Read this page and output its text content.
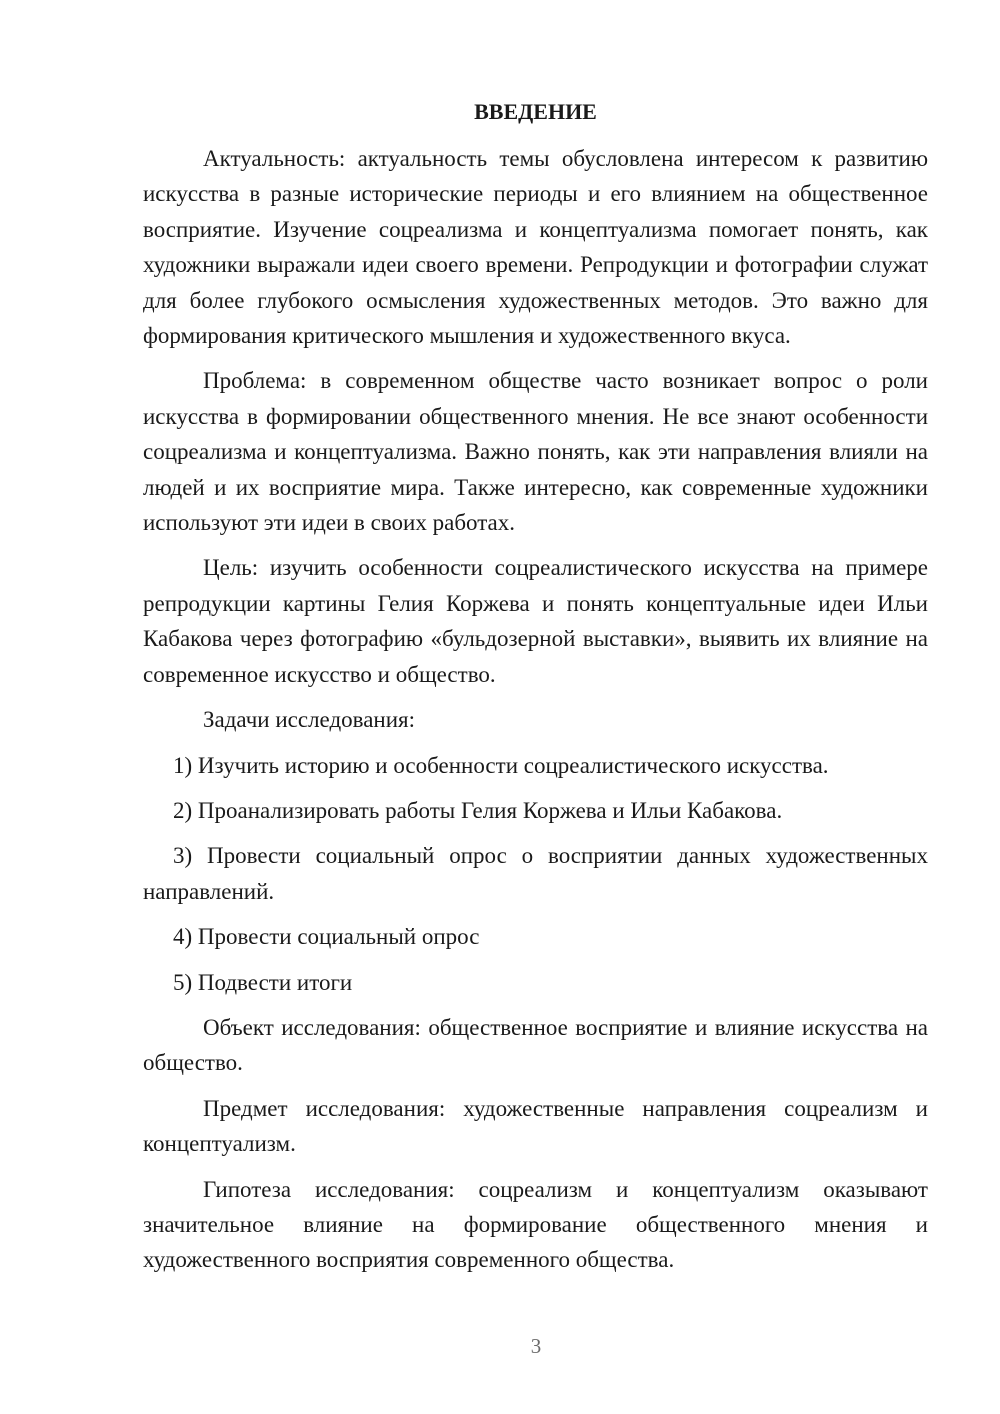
ВВЕДЕНИЕ

Актуальность: актуальность темы обусловлена интересом к развитию искусства в разные исторические периоды и его влиянием на общественное восприятие. Изучение соцреализма и концептуализма помогает понять, как художники выражали идеи своего времени. Репродукции и фотографии служат для более глубокого осмысления художественных методов. Это важно для формирования критического мышления и художественного вкуса.

Проблема: в современном обществе часто возникает вопрос о роли искусства в формировании общественного мнения. Не все знают особенности соцреализма и концептуализма. Важно понять, как эти направления влияли на людей и их восприятие мира. Также интересно, как современные художники используют эти идеи в своих работах.

Цель: изучить особенности соцреалистического искусства на примере репродукции картины Гелия Коржева и понять концептуальные идеи Ильи Кабакова через фотографию «бульдозерной выставки», выявить их влияние на современное искусство и общество.

Задачи исследования:

1) Изучить историю и особенности соцреалистического искусства.

2) Проанализировать работы Гелия Коржева и Ильи Кабакова.

3) Провести социальный опрос о восприятии данных художественных направлений.

4) Провести социальный опрос

5) Подвести итоги

Объект исследования: общественное восприятие и влияние искусства на общество.

Предмет исследования: художественные направления соцреализм и концептуализм.

Гипотеза исследования: соцреализм и концептуализм оказывают значительное влияние на формирование общественного мнения и художественного восприятия современного общества.

3
